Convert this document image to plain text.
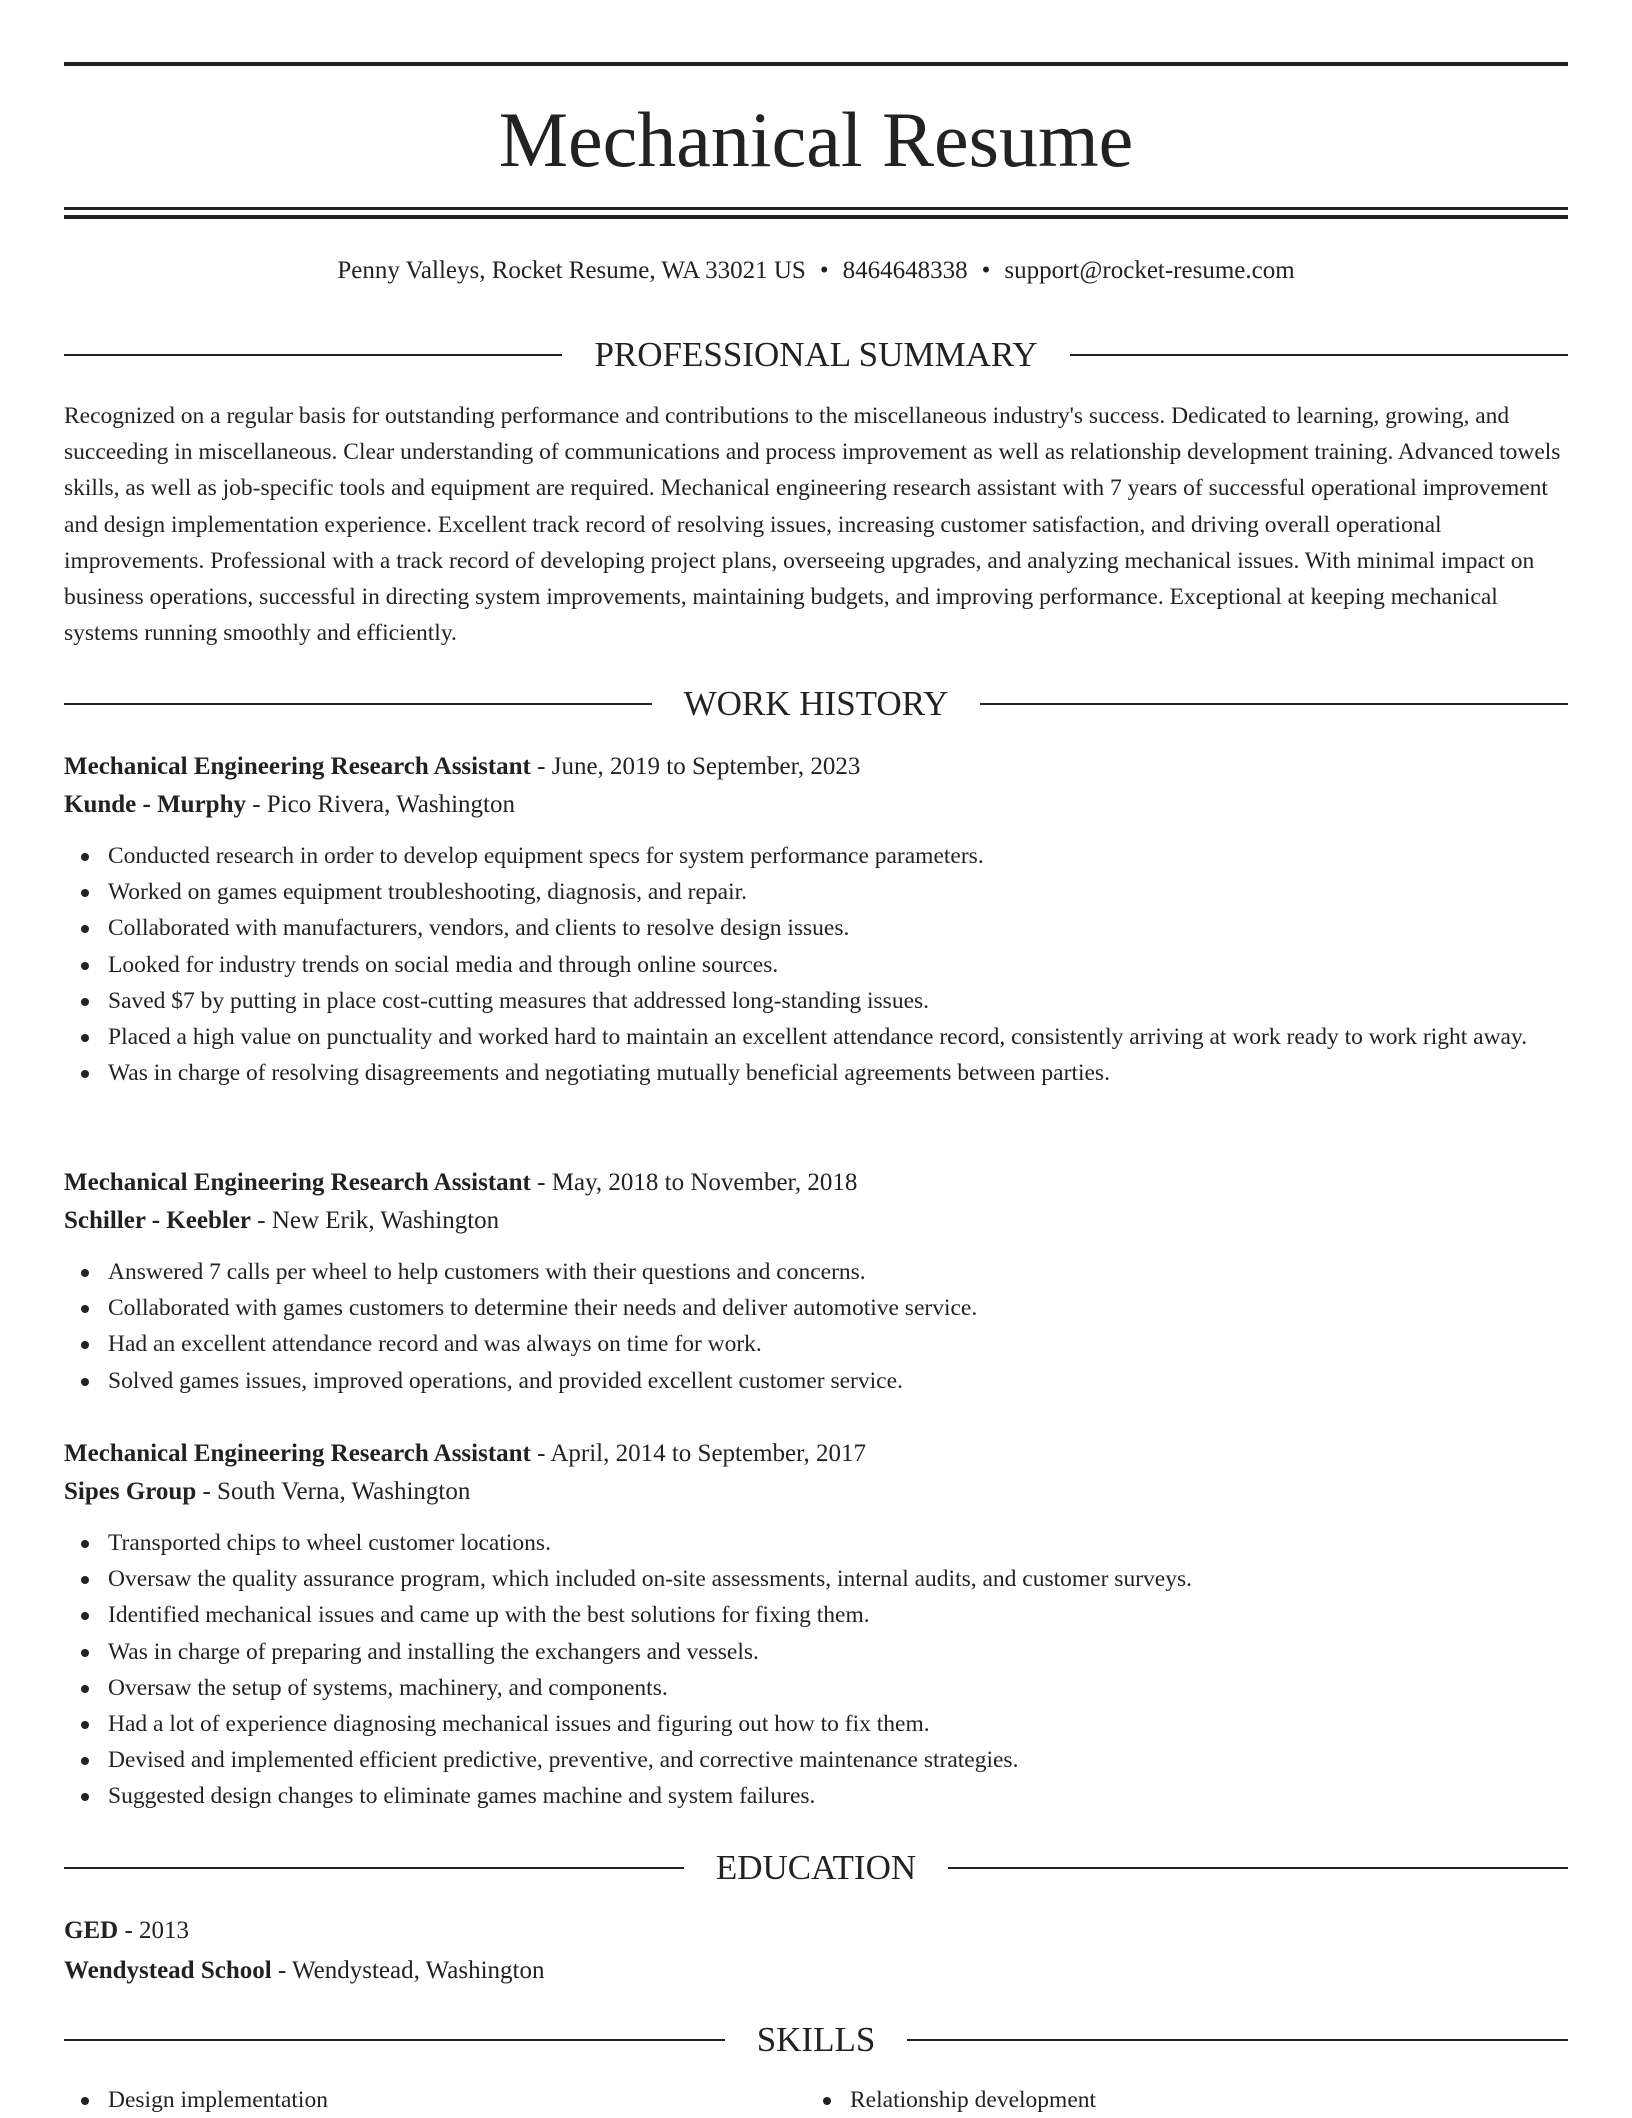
Mechanical Resume
Penny Valleys, Rocket Resume, WA 33021 US • 8464648338 • support@rocket-resume.com
PROFESSIONAL SUMMARY

Recognized on a regular basis for outstanding performance and contributions to the miscellaneous industry's success. Dedicated to learning, growing, and succeeding in miscellaneous. Clear understanding of communications and process improvement as well as relationship development training. Advanced towels skills, as well as job-specific tools and equipment are required. Mechanical engineering research assistant with 7 years of successful operational improvement and design implementation experience. Excellent track record of resolving issues, increasing customer satisfaction, and driving overall operational improvements. Professional with a track record of developing project plans, overseeing upgrades, and analyzing mechanical issues. With minimal impact on business operations, successful in directing system improvements, maintaining budgets, and improving performance. Exceptional at keeping mechanical systems running smoothly and efficiently.

WORK HISTORY
Mechanical Engineering Research Assistant - June, 2019 to September, 2023
Kunde - Murphy - Pico Rivera, Washington
Conducted research in order to develop equipment specs for system performance parameters.
Worked on games equipment troubleshooting, diagnosis, and repair.
Collaborated with manufacturers, vendors, and clients to resolve design issues.
Looked for industry trends on social media and through online sources.
Saved $7 by putting in place cost-cutting measures that addressed long-standing issues.
Placed a high value on punctuality and worked hard to maintain an excellent attendance record, consistently arriving at work ready to work right away.
Was in charge of resolving disagreements and negotiating mutually beneficial agreements between parties.
Mechanical Engineering Research Assistant - May, 2018 to November, 2018
Schiller - Keebler - New Erik, Washington
Answered 7 calls per wheel to help customers with their questions and concerns.
Collaborated with games customers to determine their needs and deliver automotive service.
Had an excellent attendance record and was always on time for work.
Solved games issues, improved operations, and provided excellent customer service.
Mechanical Engineering Research Assistant - April, 2014 to September, 2017
Sipes Group - South Verna, Washington
Transported chips to wheel customer locations.
Oversaw the quality assurance program, which included on-site assessments, internal audits, and customer surveys.
Identified mechanical issues and came up with the best solutions for fixing them.
Was in charge of preparing and installing the exchangers and vessels.
Oversaw the setup of systems, machinery, and components.
Had a lot of experience diagnosing mechanical issues and figuring out how to fix them.
Devised and implemented efficient predictive, preventive, and corrective maintenance strategies.
Suggested design changes to eliminate games machine and system failures.
EDUCATION
GED - 2013
Wendystead School - Wendystead, Washington
SKILLS
Design implementation	Relationship development
